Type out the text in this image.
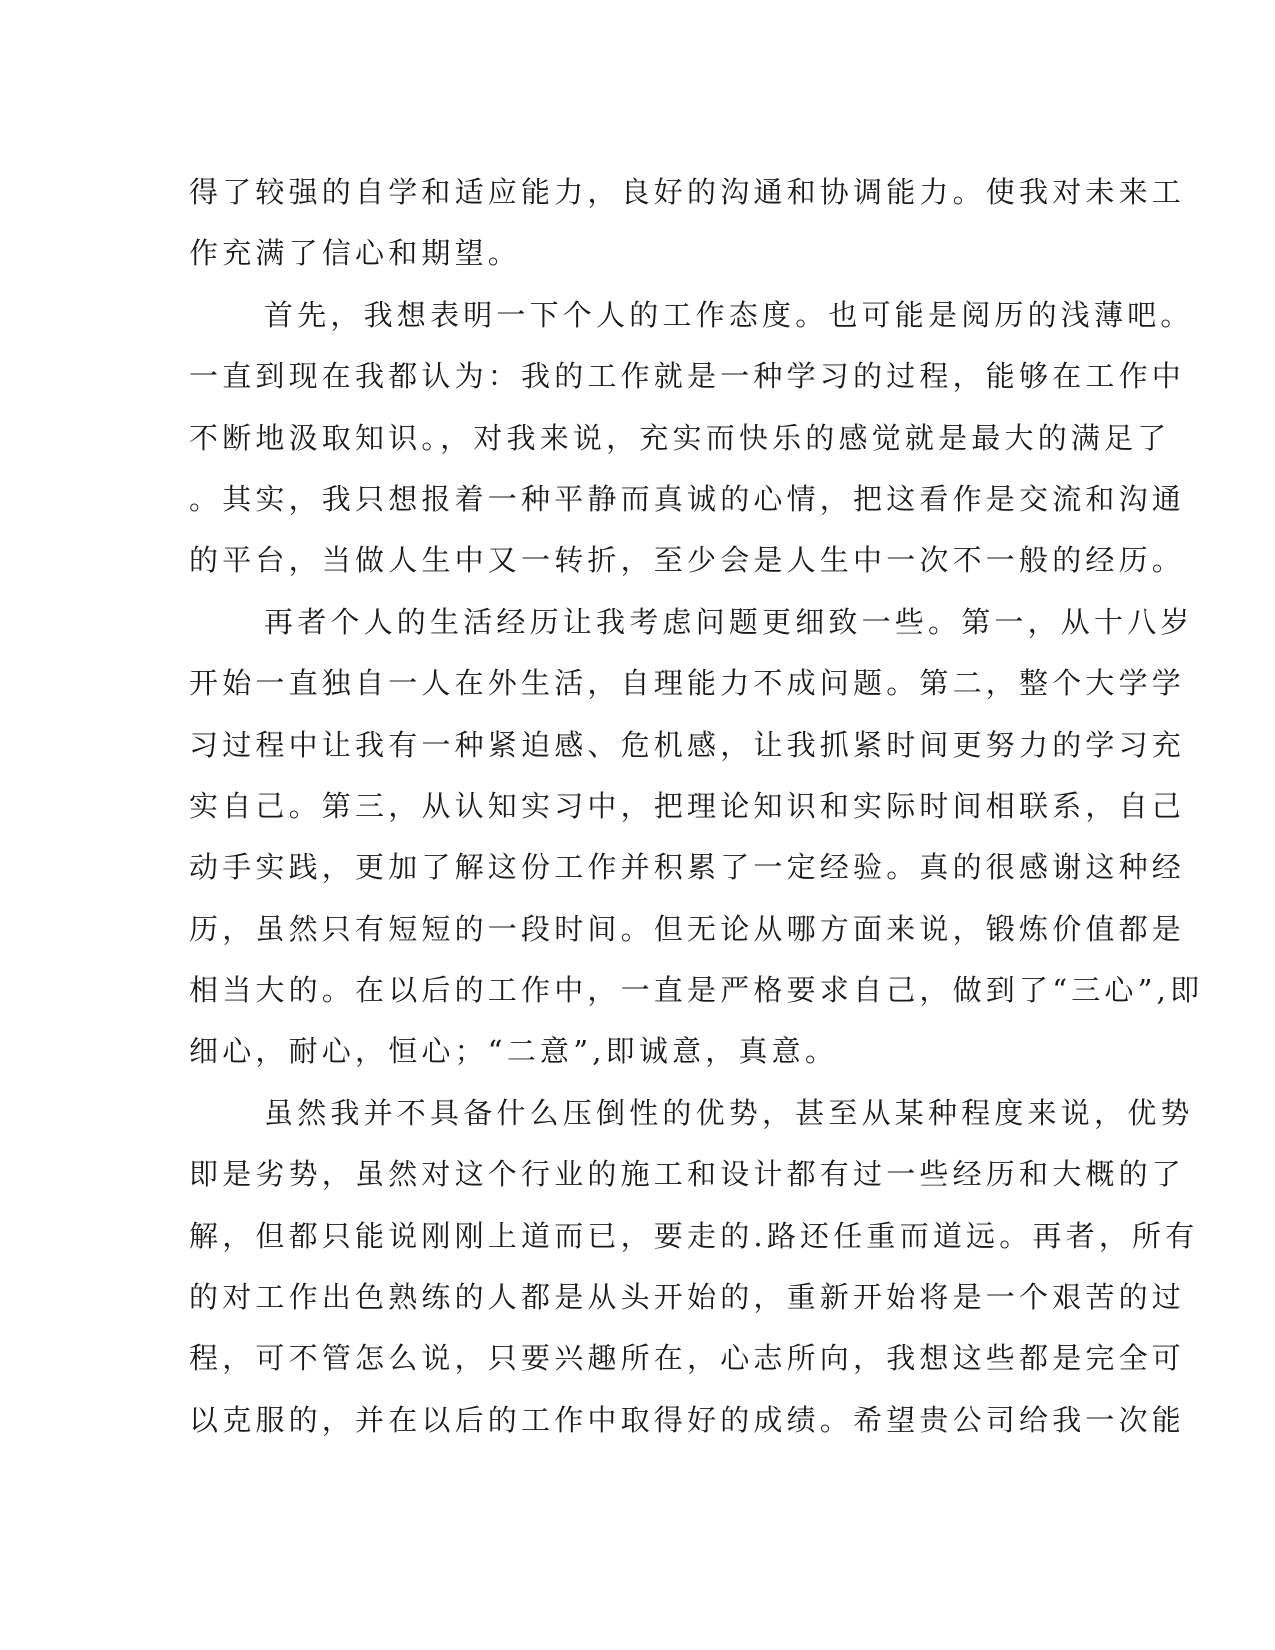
得了较强的自学和适应能力，良好的沟通和协调能力。使我对未来工
作充满了信心和期望。
首先，我想表明一下个人的工作态度。也可能是阅历的浅薄吧。
一直到现在我都认为：我的工作就是一种学习的过程，能够在工作中
不断地汲取知识。，对我来说，充实而快乐的感觉就是最大的满足了
。其实，我只想报着一种平静而真诚的心情，把这看作是交流和沟通
的平台，当做人生中又一转折，至少会是人生中一次不一般的经历。
再者个人的生活经历让我考虑问题更细致一些。第一，从十八岁
开始一直独自一人在外生活，自理能力不成问题。第二，整个大学学
习过程中让我有一种紧迫感、危机感，让我抓紧时间更努力的学习充
实自己。第三，从认知实习中，把理论知识和实际时间相联系，自己
动手实践，更加了解这份工作并积累了一定经验。真的很感谢这种经
历，虽然只有短短的一段时间。但无论从哪方面来说，锻炼价值都是
相当大的。在以后的工作中，一直是严格要求自己，做到了“三心”,即
细心，耐心，恒心；“二意”,即诚意，真意。
虽然我并不具备什么压倒性的优势，甚至从某种程度来说，优势
即是劣势，虽然对这个行业的施工和设计都有过一些经历和大概的了
解，但都只能说刚刚上道而已，要走的.路还任重而道远。再者，所有
的对工作出色熟练的人都是从头开始的，重新开始将是一个艰苦的过
程，可不管怎么说，只要兴趣所在，心志所向，我想这些都是完全可
以克服的，并在以后的工作中取得好的成绩。希望贵公司给我一次能
